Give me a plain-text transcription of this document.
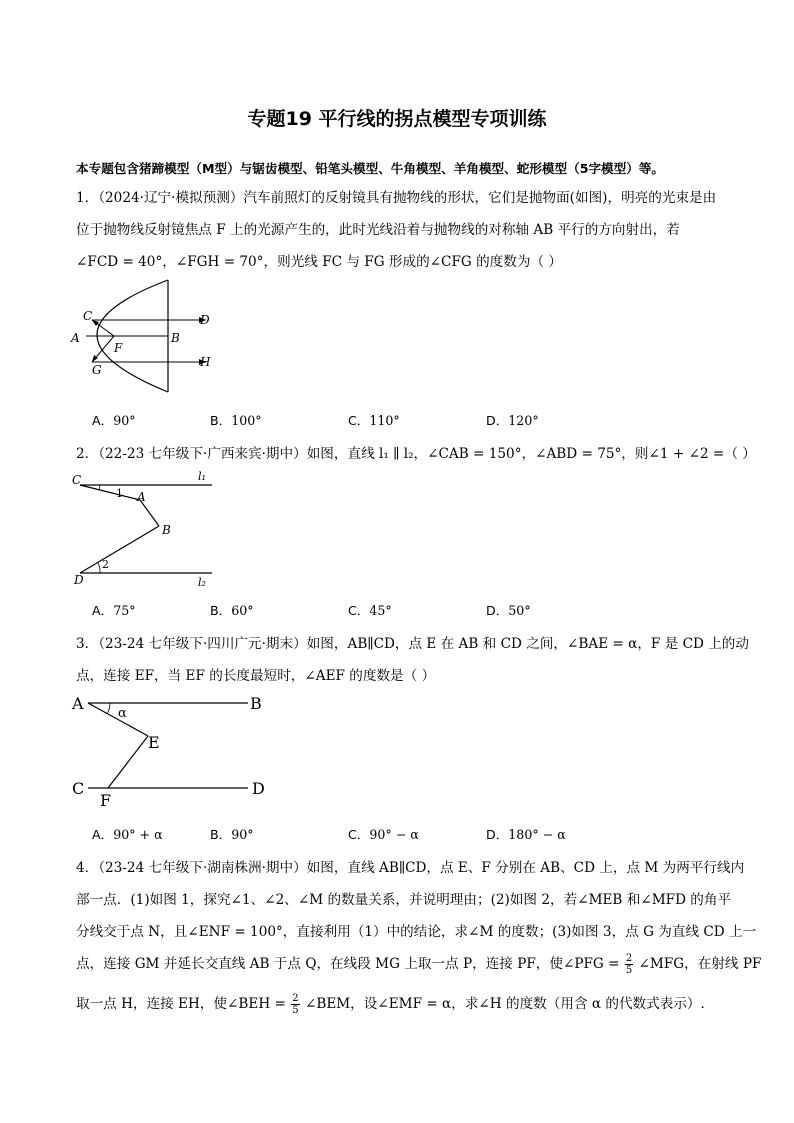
专题19 平行线的拐点模型专项训练
本专题包含猪蹄模型（M型）与锯齿模型、铅笔头模型、牛角模型、羊角模型、蛇形模型（5字模型）等。
1．（2024·辽宁·模拟预测）汽车前照灯的反射镜具有抛物线的形状，它们是抛物面(如图)，明亮的光束是由
位于抛物线反射镜焦点 F 上的光源产生的，此时光线沿着与抛物线的对称轴 AB 平行的方向射出，若
∠FCD = 40°，∠FGH = 70°，则光线 FC 与 FG 形成的∠CFG 的度数为（ ）
C	D
A	B
F
G
H
A．90°	B．100°	C．110°	D．120°
2．（22-23 七年级下·广西来宾·期中）如图，直线 l₁ ∥ l₂，∠CAB = 150°，∠ABD = 75°，则∠1 + ∠2 =（ ）
C	l₁
1 A
B
2
D	l₂
A．75°	B．60°	C．45°	D．50°
3．（23-24 七年级下·四川广元·期末）如图，AB∥CD，点 E 在 AB 和 CD 之间，∠BAE = α，F 是 CD 上的动
点，连接 EF，当 EF 的长度最短时，∠AEF 的度数是（ ）
A	B
α
E
C
F
D
A．90° + α	B．90°	C．90° − α	D．180° − α
4．（23-24 七年级下·湖南株洲·期中）如图，直线 AB∥CD，点 E、F 分别在 AB、CD 上，点 M 为两平行线内
部一点．(1)如图 1，探究∠1、∠2、∠M 的数量关系，并说明理由；(2)如图 2，若∠MEB 和∠MFD 的角平
分线交于点 N，且∠ENF = 100°，直接利用（1）中的结论，求∠M 的度数；(3)如图 3，点 G 为直线 CD 上一
点，连接 GM 并延长交直线 AB 于点 Q，在线段 MG 上取一点 P，连接 PF，使∠PFG = $\frac{2}{5}$ ∠MFG，在射线 PF
取一点 H，连接 EH，使∠BEH = $\frac{2}{5}$ ∠BEM，设∠EMF = α，求∠H 的度数（用含 α 的代数式表示）.
